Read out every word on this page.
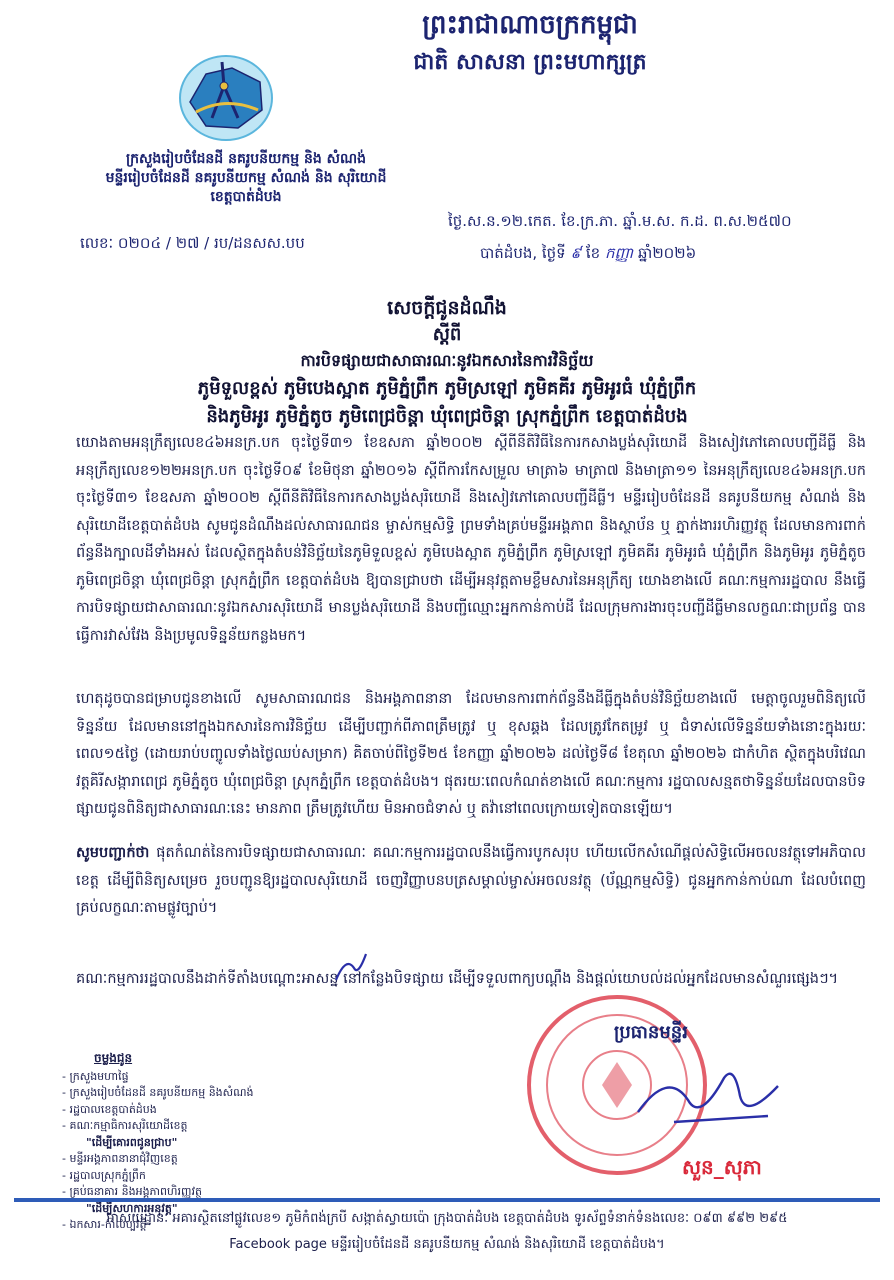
ព្រះរាជាណាចក្រកម្ពុជា
ជាតិ សាសនា ព្រះមហាក្សត្រ
ក្រសួងរៀបចំដែនដី នគរូបនីយកម្ម និង សំណង់
មន្ទីររៀបចំដែនដី នគរូបនីយកម្ម សំណង់ និង សុរិយោដី
ខេត្តបាត់ដំបង
លេខៈ ០២០៤ / ២៧ / រប/ដនសស.បប
ថ្ងៃ.ស.ន.១២.កេត. ខែ.ក្រ.ភា. ឆ្នាំ.ម.ស. ក.ដ. ព.ស.២៥៧០
បាត់ដំបង, ថ្ងៃទី ៩ ខែ កញ្ញា ឆ្នាំ២០២៦
សេចក្តីជូនដំណឹង
ស្តីពី
ការបិទផ្សាយជាសាធារណៈនូវឯកសារនៃការវិនិច្ឆ័យ
ភូមិទួលខ្ពស់ ភូមិបេងស្អាត ភូមិភ្នំព្រឹក ភូមិស្រឡៅ ភូមិគគីរ ភូមិអូរធំ ឃុំភ្នំព្រឹក
និងភូមិអូរ ភូមិភ្នំតូច ភូមិពេជ្រចិន្តា ឃុំពេជ្រចិន្តា ស្រុកភ្នំព្រឹក ខេត្តបាត់ដំបង
យោងតាមអនុក្រឹត្យលេខ៤៦អនក្រ.បក ចុះថ្ងៃទី៣១ ខែឧសភា ឆ្នាំ២០០២ ស្តីពីនីតិវិធីនៃការកសាងប្លង់សុរិយោដី និងសៀវភៅគោលបញ្ជីដីធ្លី និងអនុក្រឹត្យលេខ១២២អនក្រ.បក ចុះថ្ងៃទី០៩ ខែមិថុនា ឆ្នាំ២០១៦ ស្តីពីការកែសម្រួល មាត្រា៦ មាត្រា៧ និងមាត្រា១១ នៃអនុក្រឹត្យលេខ៤៦អនក្រ.បក ចុះថ្ងៃទី៣១ ខែឧសភា ឆ្នាំ២០០២ ស្តីពីនីតិវិធីនៃការកសាងប្លង់សុរិយោដី និងសៀវភៅគោលបញ្ជីដីធ្លី។ មន្ទីររៀបចំដែនដី នគរូបនីយកម្ម សំណង់ និងសុរិយោដីខេត្តបាត់ដំបង សូមជូនដំណឹងដល់សាធារណជន ម្ចាស់កម្មសិទ្ធិ ព្រមទាំងគ្រប់មន្ទីរអង្គភាព និងស្ថាប័ន ឬ ភ្នាក់ងាររហិរញ្ញវត្ថុ ដែលមានការពាក់ព័ន្ធនឹងក្បាលដីទាំងអស់ ដែលស្ថិតក្នុងតំបន់វិនិច្ឆ័យនៃភូមិទួលខ្ពស់ ភូមិបេងស្អាត ភូមិភ្នំព្រឹក ភូមិស្រឡៅ ភូមិគគីរ ភូមិអូរធំ ឃុំភ្នំព្រឹក និងភូមិអូរ ភូមិភ្នំតូច ភូមិពេជ្រចិន្តា ឃុំពេជ្រចិន្តា ស្រុកភ្នំព្រឹក ខេត្តបាត់ដំបង ឱ្យបានជ្រាបថា ដើម្បីអនុវត្តតាមខ្លឹមសារនៃអនុក្រឹត្យ យោងខាងលើ គណៈកម្មការរដ្ឋបាល នឹងធ្វើការបិទផ្សាយជាសាធារណៈនូវឯកសារសុរិយោដី មានប្លង់សុរិយោដី និងបញ្ជីឈ្មោះអ្នកកាន់កាប់ដី ដែលក្រុមការងារចុះបញ្ជីដីធ្លីមានលក្ខណៈជាប្រព័ន្ធ បានធ្វើការវាស់វែង និងប្រមូលទិន្នន័យកន្លងមក។
ហេតុដូចបានជម្រាបជូនខាងលើ សូមសាធារណជន និងអង្គភាពនានា ដែលមានការពាក់ព័ន្ធនឹងដីធ្លីក្នុងតំបន់វិនិច្ឆ័យខាងលើ មេត្តាចូលរួមពិនិត្យលើទិន្នន័យ ដែលមាននៅក្នុងឯកសារនៃការវិនិច្ឆ័យ ដើម្បីបញ្ជាក់ពីភាពត្រឹមត្រូវ ឬ ខុសឆ្គង ដែលត្រូវកែតម្រូវ ឬ ជំទាស់លើទិន្នន័យទាំងនោះក្នុងរយៈពេល១៥ថ្ងៃ (ដោយរាប់បញ្ចូលទាំងថ្ងៃឈប់សម្រាក) គិតចាប់ពីថ្ងៃទី២៥ ខែកញ្ញា ឆ្នាំ២០២៦ ដល់ថ្ងៃទី៨ ខែតុលា ឆ្នាំ២០២៦ ជាកំហិត ស្ថិតក្នុងបរិវេណវត្តគិរីសង្ការាពេជ្រ ភូមិភ្នំតូច ឃុំពេជ្រចិន្តា ស្រុកភ្នំព្រឹក ខេត្តបាត់ដំបង។ ផុតរយៈពេលកំណត់ខាងលើ គណៈកម្មការ រដ្ឋបាលសន្មតថាទិន្នន័យដែលបានបិទផ្សាយជូនពិនិត្យជាសាធារណៈនេះ មានភាព ត្រឹមត្រូវហើយ មិនអាចជំទាស់ ឬ តវ៉ានៅពេលក្រោយទៀតបានឡើយ។
សូមបញ្ជាក់ថា ផុតកំណត់នៃការបិទផ្សាយជាសាធារណៈ គណៈកម្មការរដ្ឋបាលនឹងធ្វើការបូកសរុប ហើយលើកសំណើផ្តល់សិទ្ធិលើអចលនវត្ថុទៅអភិបាលខេត្ត ដើម្បីពិនិត្យសម្រេច រួចបញ្ជូនឱ្យរដ្ឋបាលសុរិយោដី ចេញវិញ្ញាបនបត្រសម្គាល់ម្ចាស់អចលនវត្ថុ (ប័ណ្ណកម្មសិទ្ធិ) ជូនអ្នកកាន់កាប់ណា ដែលបំពេញគ្រប់លក្ខណៈតាមផ្លូវច្បាប់។
គណៈកម្មការរដ្ឋបាលនឹងដាក់ទីតាំងបណ្តោះអាសន្ន នៅកន្លែងបិទផ្សាយ ដើម្បីទទួលពាក្យបណ្តឹង និងផ្តល់យោបល់ដល់អ្នកដែលមានសំណួរផ្សេងៗ។
ចម្លងជូន
- ក្រសួងមហាផ្ទៃ
- ក្រសួងរៀបចំដែនដី នគរូបនីយកម្ម និងសំណង់
- រដ្ឋបាលខេត្តបាត់ដំបង
- គណៈកម្មាធិការសុរិយោដីខេត្ត
"ដើម្បីគោរពជូនជ្រាប"
- មន្ទីរអង្គភាពនានាជុំវិញខេត្ត
- រដ្ឋបាលស្រុកភ្នំព្រឹក
- គ្រប់ធនាគារ និងអង្គភាពហិរញ្ញវត្ថុ
"ដើម្បីសហការអនុវត្ត"
- ឯកសារ-កាលប្បវត្តិ
ប្រធានមន្ទីរ
សួន_សុភា
អាសយដ្ឋានៈ អគារស្ថិតនៅផ្លូវលេខ១ ភូមិកំពង់ក្របី សង្កាត់ស្វាយប៉ោ ក្រុងបាត់ដំបង ខេត្តបាត់ដំបង ទូរស័ព្ទទំនាក់ទំនងលេខៈ ០៩៣ ៩៩២ ២៩៥
Facebook page មន្ទីររៀបចំដែនដី នគរូបនីយកម្ម សំណង់ និងសុរិយោដី ខេត្តបាត់ដំបង។
